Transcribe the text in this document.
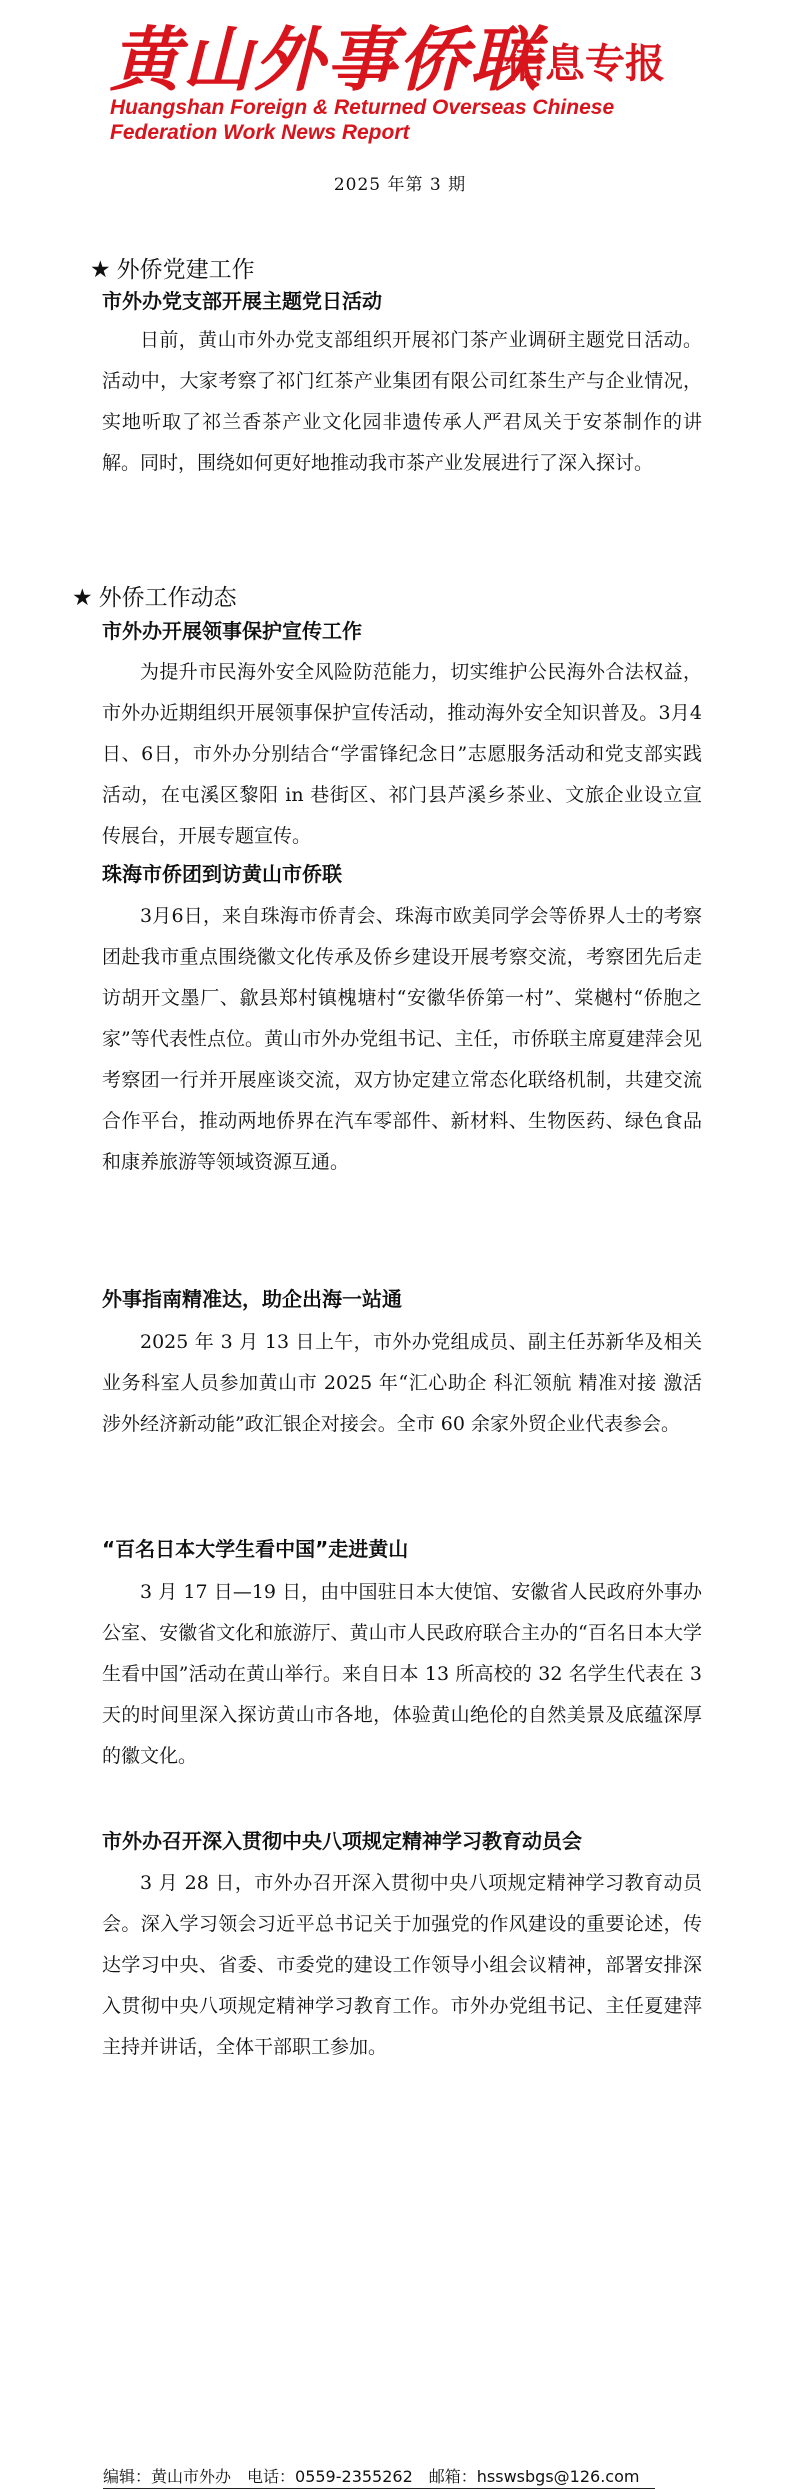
黄山外事侨联
信息专报
Huangshan Foreign & Returned Overseas Chinese
Federation Work News Report
2025 年第 3 期
★ 外侨党建工作
市外办党支部开展主题党日活动

日前，黄山市外办党支部组织开展祁门茶产业调研主题党日活动。活动中，大家考察了祁门红茶产业集团有限公司红茶生产与企业情况，实地听取了祁兰香茶产业文化园非遗传承人严君凤关于安茶制作的讲解。同时，围绕如何更好地推动我市茶产业发展进行了深入探讨。

★ 外侨工作动态
市外办开展领事保护宣传工作

为提升市民海外安全风险防范能力，切实维护公民海外合法权益，市外办近期组织开展领事保护宣传活动，推动海外安全知识普及。3月4日、6日，市外办分别结合“学雷锋纪念日”志愿服务活动和党支部实践活动，在屯溪区黎阳 in 巷街区、祁门县芦溪乡茶业、文旅企业设立宣传展台，开展专题宣传。

珠海市侨团到访黄山市侨联

3月6日，来自珠海市侨青会、珠海市欧美同学会等侨界人士的考察团赴我市重点围绕徽文化传承及侨乡建设开展考察交流，考察团先后走访胡开文墨厂、歙县郑村镇槐塘村“安徽华侨第一村”、棠樾村“侨胞之家”等代表性点位。黄山市外办党组书记、主任，市侨联主席夏建萍会见考察团一行并开展座谈交流，双方协定建立常态化联络机制，共建交流合作平台，推动两地侨界在汽车零部件、新材料、生物医药、绿色食品和康养旅游等领域资源互通。

外事指南精准达，助企出海一站通

2025 年 3 月 13 日上午，市外办党组成员、副主任苏新华及相关业务科室人员参加黄山市 2025 年“汇心助企 科汇领航 精准对接 激活涉外经济新动能”政汇银企对接会。全市 60 余家外贸企业代表参会。

“百名日本大学生看中国”走进黄山

3 月 17 日—19 日，由中国驻日本大使馆、安徽省人民政府外事办公室、安徽省文化和旅游厅、黄山市人民政府联合主办的“百名日本大学生看中国”活动在黄山举行。来自日本 13 所高校的 32 名学生代表在 3 天的时间里深入探访黄山市各地，体验黄山绝伦的自然美景及底蕴深厚的徽文化。

市外办召开深入贯彻中央八项规定精神学习教育动员会

3 月 28 日，市外办召开深入贯彻中央八项规定精神学习教育动员会。深入学习领会习近平总书记关于加强党的作风建设的重要论述，传达学习中央、省委、市委党的建设工作领导小组会议精神，部署安排深入贯彻中央八项规定精神学习教育工作。市外办党组书记、主任夏建萍主持并讲话，全体干部职工参加。

编辑：黄山市外办 电话：0559-2355262 邮箱：hsswsbgs@126.com
